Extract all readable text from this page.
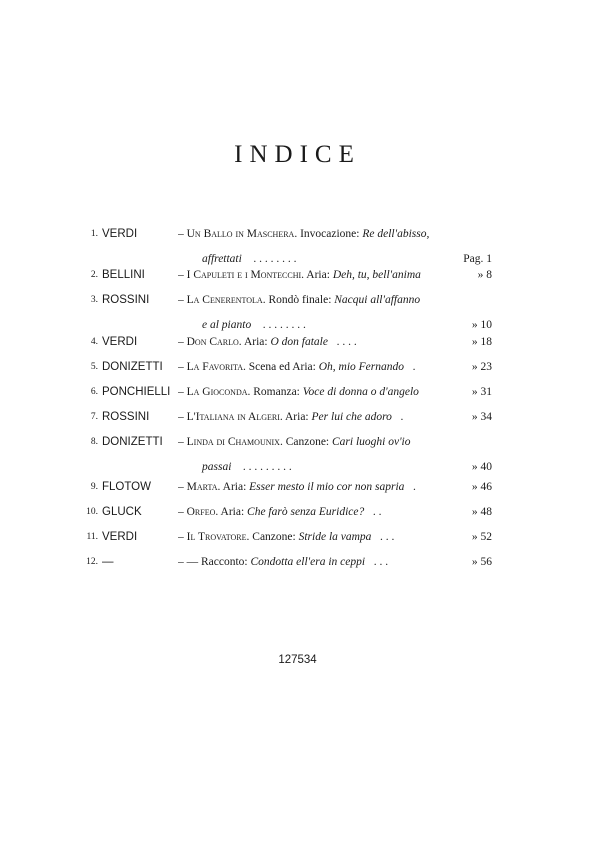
INDICE
1. VERDI	– Un Ballo in Maschera. Invocazione: Re dell'abisso,
affrettati . . . . . . . .	Pag. 1
2. BELLINI	– I Capuleti e i Montecchi. Aria: Deh, tu, bell'anima	» 8
3. ROSSINI – La Cenerentola. Rondò finale: Nacqui all'affanno
e al pianto . . . . . . . .	» 10
4. VERDI	– Don Carlo. Aria: O don fatale . . . .	» 18
5. DONIZETTI – La Favorita. Scena ed Aria: Oh, mio Fernando .	» 23
6. PONCHIELLI – La Gioconda. Romanza: Voce di donna o d'angelo	» 31
7. ROSSINI – L'Italiana in Algeri. Aria: Per lui che adoro .	» 34
8. DONIZETTI – Linda di Chamounix. Canzone: Cari luoghi ov'io
passai . . . . . . . . .	» 40
9. FLOTOW – Marta. Aria: Esser mesto il mio cor non sapria .	» 46
10. GLUCK	– Orfeo. Aria: Che farò senza Euridice? . .	» 48
11. VERDI	– Il Trovatore. Canzone: Stride la vampa . . .	» 52
12. —	– — Racconto: Condotta ell'era in ceppi . . .	» 56
127534
